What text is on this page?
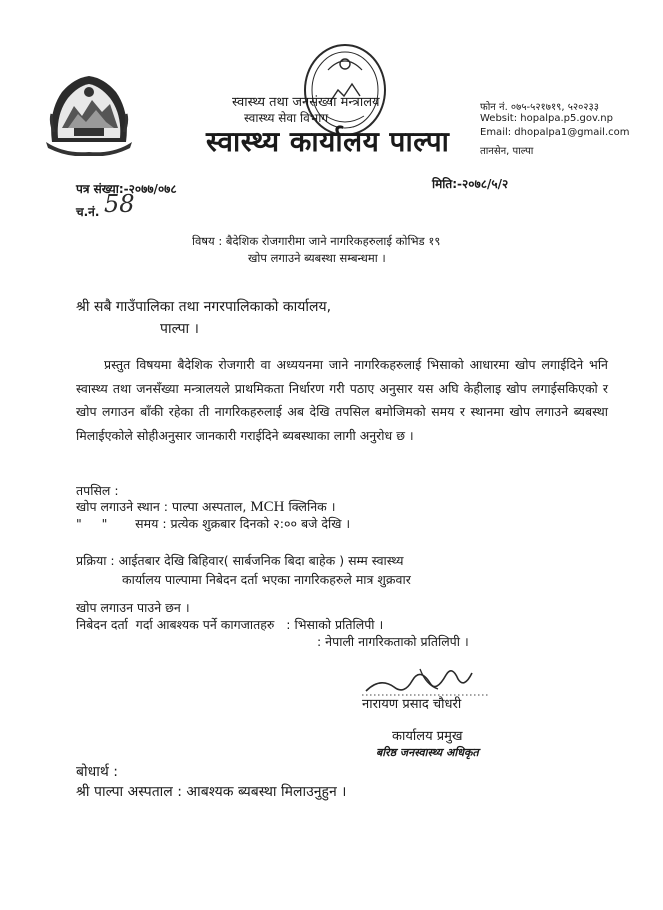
स्वास्थ्य तथा जनसंख्या मन्त्रालय
स्वास्थ्य सेवा विभाग
स्वास्थ्य कार्यालय पाल्पा
फोन नं. ०७५-५२१७१९, ५२०२३३
Websit: hopalpa.p5.gov.np
Email: dhopalpa1@gmail.com
तानसेन, पाल्पा
पत्र संख्या:-२०७७/०७८	मिति:-२०७८/५/२
च.नं. 58
विषय : बैदेशिक रोजगारीमा जाने नागरिकहरुलाई कोभिड १९
खोप लगाउने ब्यबस्था सम्बन्धमा ।
श्री सबै गाउँपालिका तथा नगरपालिकाको कार्यालय,
पाल्पा ।
प्रस्तुत विषयमा बैदेशिक रोजगारी वा अध्ययनमा जाने नागरिकहरुलाई भिसाको आधारमा खोप लगाईदिने भनि स्वास्थ्य तथा जनसँख्या मन्त्रालयले प्राथमिकता निर्धारण गरी पठाए अनुसार यस अघि केहीलाइ खोप लगाईसकिएको र खोप लगाउन बाँकी रहेका ती नागरिकहरुलाई अब देखि तपसिल बमोजिमको समय र स्थानमा खोप लगाउने ब्यबस्था मिलाईएकोले सोहीअनुसार जानकारी गराईदिने ब्यबस्थाका लागी अनुरोध छ ।
तपसिल :
खोप लगाउने स्थान : पाल्पा अस्पताल, MCH क्लिनिक ।
"     "       समय : प्रत्येक शुक्रबार दिनको २:०० बजे देखि ।
प्रक्रिया : आईतबार देखि बिहिवार( सार्बजनिक बिदा बाहेक ) सम्म स्वास्थ्य
कार्यालय पाल्पामा निबेदन दर्ता भएका नागरिकहरुले मात्र शुक्रवार
खोप लगाउन पाउने छन ।
निबेदन दर्ता  गर्दा आबश्यक पर्ने कागजातहरु   : भिसाको प्रतिलिपी ।
: नेपाली नागरिकताको प्रतिलिपी ।
नारायण प्रसाद चौधरी
कार्यालय प्रमुख
बरिष्ठ जनस्वास्थ्य अधिकृत
बोधार्थ :
श्री पाल्पा अस्पताल : आबश्यक ब्यबस्था मिलाउनुहुन ।
